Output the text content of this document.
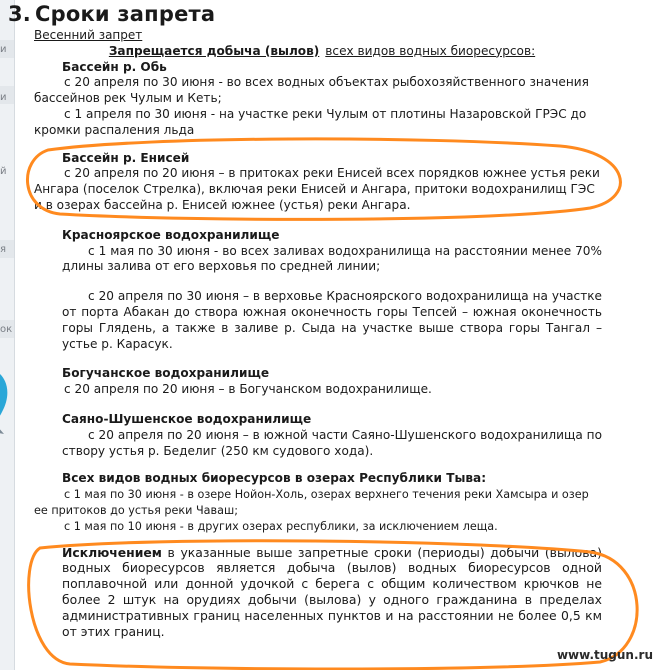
и
и
й
я
ок
3. Сроки запрета
Весенний запрет
Запрещается добыча (вылов) всех видов водных биоресурсов:
Бассейн р. Обь

с 20 апреля по 30 июня - во всех водных объектах рыбохозяйственного значения бассейнов рек Чулым и Кеть;

с 1 апреля по 30 июня - на участке реки Чулым от плотины Назаровской ГРЭС до кромки распаления льда

Бассейн р. Енисей

с 20 апреля по 20 июня – в притоках реки Енисей всех порядков южнее устья реки Ангара (поселок Стрелка), включая реки Енисей и Ангара, притоки водохранилищ ГЭС и в озерах бассейна р. Енисей южнее (устья) реки Ангара.

Красноярское водохранилище

с 1 мая по 30 июня - во всех заливах водохранилища на расстоянии менее 70% длины залива от его верховья по средней линии;

с 20 апреля по 30 июня – в верховье Красноярского водохранилища на участке от порта Абакан до створа южная оконечность горы Тепсей – южная оконечность горы Глядень, а также в заливе р. Сыда на участке выше створа горы Тангал – устье р. Карасук.

Богучанское водохранилище

с 20 апреля по 20 июня – в Богучанском водохранилище.

Саяно-Шушенское водохранилище

с 20 апреля по 20 июня – в южной части Саяно-Шушенского водохранилища по створу устья р. Беделиг (250 км судового хода).

Всех видов водных биоресурсов в озерах Республики Тыва:

с 1 мая по 30 июня - в озере Нойон-Холь, озерах верхнего течения реки Хамсыра и озер ее притоков до устья реки Чаваш;

с 1 мая по 10 июня - в других озерах республики, за исключением леща.

Исключением в указанные выше запретные сроки (периоды) добычи (вылова) водных биоресурсов является добыча (вылов) водных биоресурсов одной поплавочной или донной удочкой с берега с общим количеством крючков не более 2 штук на орудиях добычи (вылова) у одного гражданина в пределах административных границ населенных пунктов и на расстоянии не более 0,5 км от этих границ.

www.tugun.ru
